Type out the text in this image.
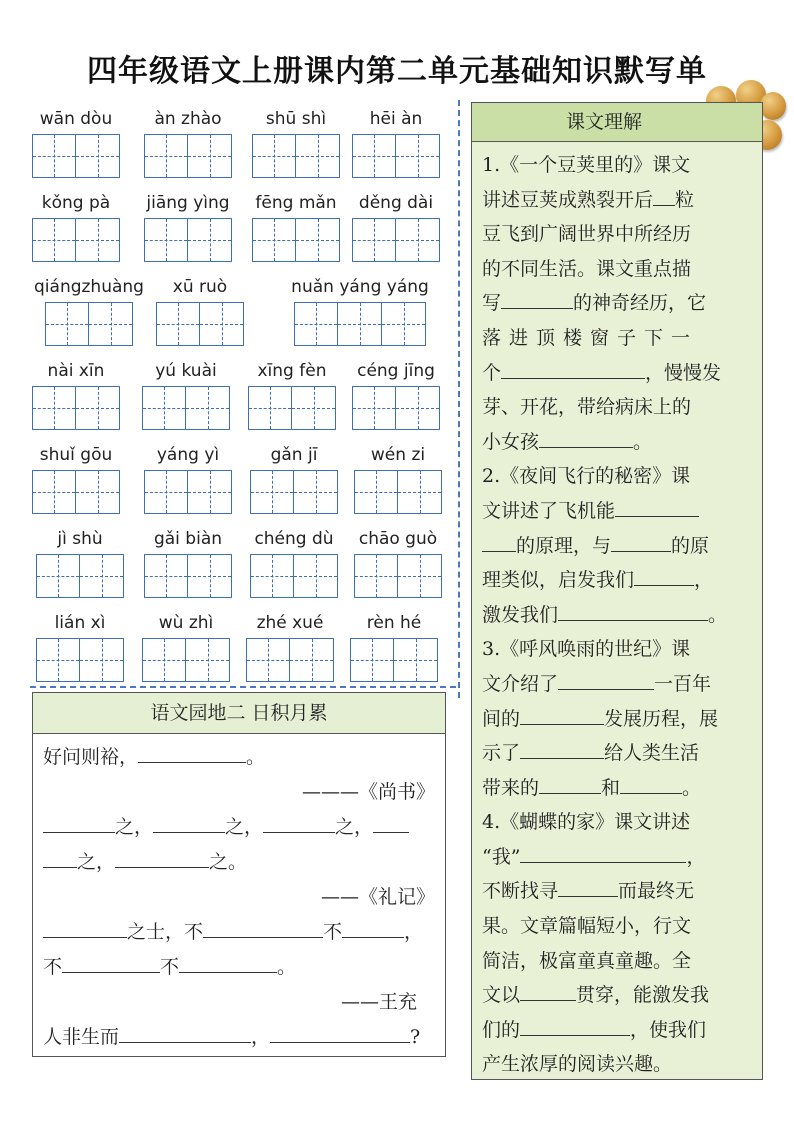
四年级语文上册课内第二单元基础知识默写单
wān dòu	àn zhào	shū shì	hēi àn
kǒng pà	jiāng yìng	fēng mǎn	děng dài
qiángzhuàng	xū ruò	nuǎn yáng yáng
nài xīn	yú kuài	xīng fèn	céng jīng
shuǐ gōu	yáng yì	gǎn jī	wén zi
jì shù	gǎi biàn	chéng dù	chāo guò
lián xì	wù zhì	zhé xué	rèn hé
语文园地二 日积月累
好问则裕，	。
———《尚书》
之，	之，	之，
之，	之。
——《礼记》
之士，不	不	，
不	不	。
——王充
人非生而	，	?
课文理解
1.《一个豆荚里的》课文
讲述豆荚成熟裂开后 粒
豆飞到广阔世界中所经历
的不同生活。课文重点描
写	的神奇经历，它
落进顶楼窗子下一
个	，慢慢发
芽、开花，带给病床上的
小女孩	。
2.《夜间飞行的秘密》课
文讲述了飞机能
的原理，与	的原
理类似，启发我们	，
激发我们	。
3.《呼风唤雨的世纪》课
文介绍了	一百年
间的	发展历程，展
示了	给人类生活
带来的	和	。
4.《蝴蝶的家》课文讲述
“我”	，
不断找寻	而最终无
果。文章篇幅短小，行文
简洁，极富童真童趣。全
文以	贯穿，能激发我
们的	，使我们
产生浓厚的阅读兴趣。
